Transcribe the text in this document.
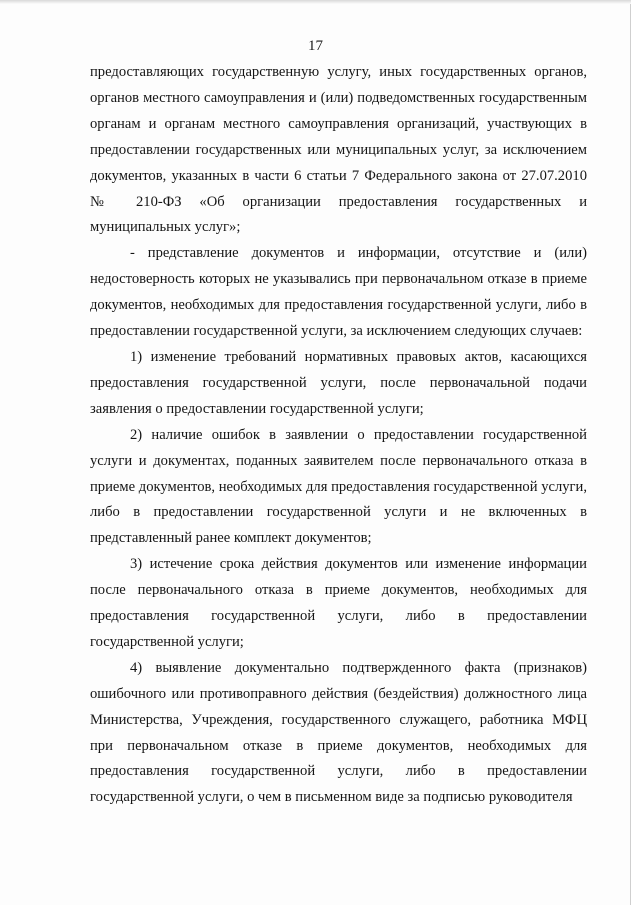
17

предоставляющих государственную услугу, иных государственных органов, органов местного самоуправления и (или) подведомственных государственным органам и органам местного самоуправления организаций, участвующих в предоставлении государственных или муниципальных услуг, за исключением документов, указанных в части 6 статьи 7 Федерального закона от 27.07.2010 № 210-ФЗ «Об организации предоставления государственных и муниципальных услуг»;

- представление документов и информации, отсутствие и (или) недостоверность которых не указывались при первоначальном отказе в приеме документов, необходимых для предоставления государственной услуги, либо в предоставлении государственной услуги, за исключением следующих случаев:

1) изменение требований нормативных правовых актов, касающихся предоставления государственной услуги, после первоначальной подачи заявления о предоставлении государственной услуги;

2) наличие ошибок в заявлении о предоставлении государственной услуги и документах, поданных заявителем после первоначального отказа в приеме документов, необходимых для предоставления государственной услуги, либо в предоставлении государственной услуги и не включенных в представленный ранее комплект документов;

3) истечение срока действия документов или изменение информации после первоначального отказа в приеме документов, необходимых для предоставления государственной услуги, либо в предоставлении государственной услуги;

4) выявление документально подтвержденного факта (признаков) ошибочного или противоправного действия (бездействия) должностного лица Министерства, Учреждения, государственного служащего, работника МФЦ при первоначальном отказе в приеме документов, необходимых для предоставления государственной услуги, либо в предоставлении государственной услуги, о чем в письменном виде за подписью руководителя
